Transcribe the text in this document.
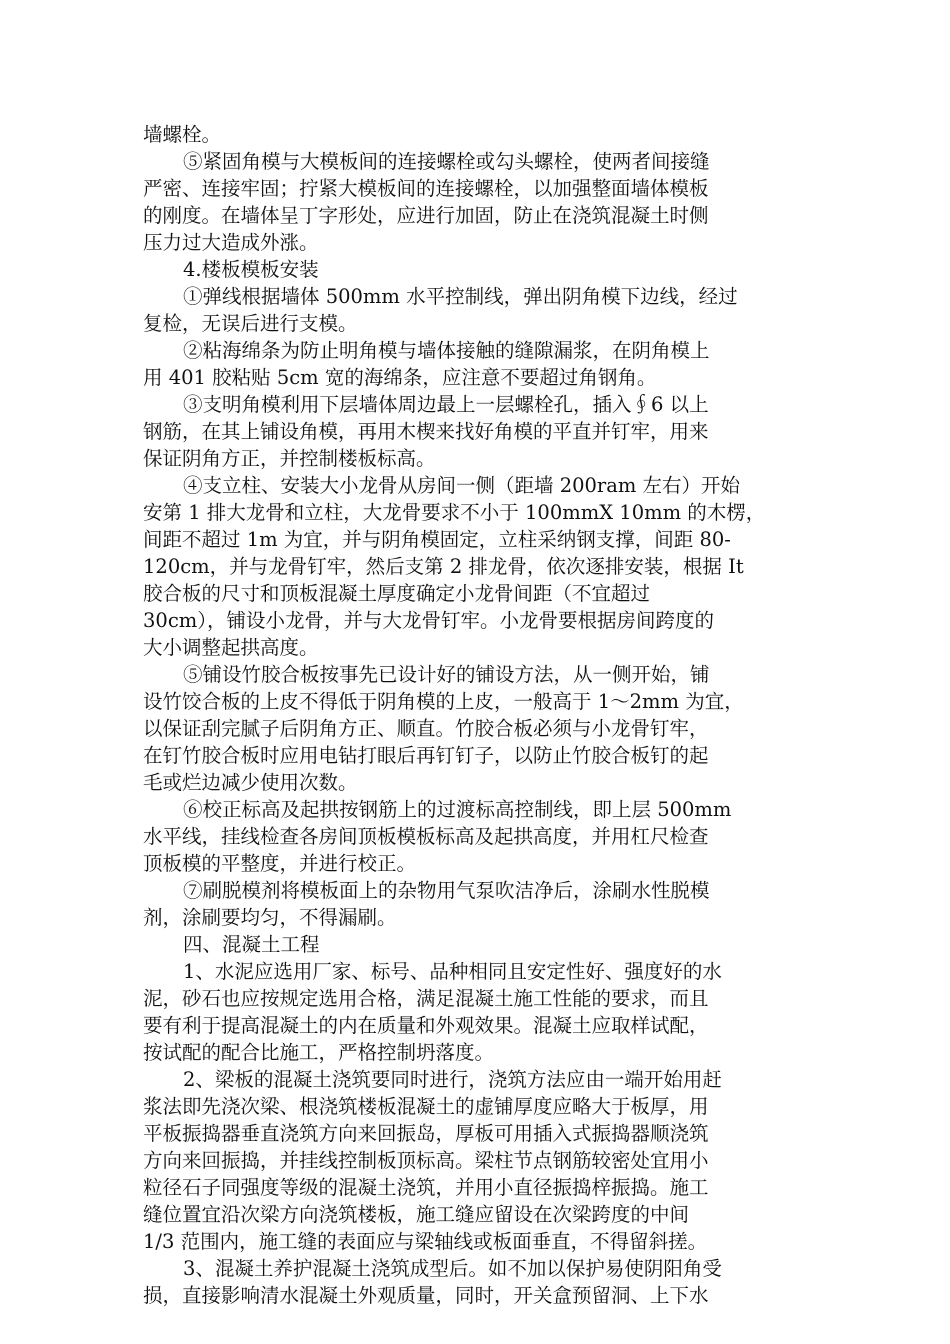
墙螺栓。
⑤紧固角模与大模板间的连接螺栓或勾头螺栓，使两者间接缝
严密、连接牢固；拧紧大模板间的连接螺栓，以加强整面墙体模板
的刚度。在墙体呈丁字形处，应进行加固，防止在浇筑混凝土时侧
压力过大造成外涨。
4.楼板模板安装
①弹线根据墙体 500mm 水平控制线，弹出阴角模下边线，经过
复检，无误后进行支模。
②粘海绵条为防止明角模与墙体接触的缝隙漏浆，在阴角模上
用 401 胶粘贴 5cm 宽的海绵条，应注意不要超过角钢角。
③支明角模利用下层墙体周边最上一层螺栓孔，插入∮6 以上
钢筋，在其上铺设角模，再用木楔来找好角模的平直并钉牢，用来
保证阴角方正，并控制楼板标高。
④支立柱、安装大小龙骨从房间一侧（距墙 200ram 左右）开始
安第 1 排大龙骨和立柱，大龙骨要求不小于 100mmX 10mm 的木楞，
间距不超过 1m 为宜，并与阴角模固定，立柱采纳钢支撑，间距 80-
120cm，并与龙骨钉牢，然后支第 2 排龙骨，依次逐排安装，根据 It
胶合板的尺寸和顶板混凝土厚度确定小龙骨间距（不宜超过
30cm），铺设小龙骨，并与大龙骨钉牢。小龙骨要根据房间跨度的
大小调整起拱高度。
⑤铺设竹胶合板按事先已设计好的铺设方法，从一侧开始，铺
设竹饺合板的上皮不得低于阴角模的上皮，一般高于 1～2mm 为宜，
以保证刮完腻子后阴角方正、顺直。竹胶合板必须与小龙骨钉牢，
在钉竹胶合板时应用电钻打眼后再钉钉子，以防止竹胶合板钉的起
毛或烂边减少使用次数。
⑥校正标高及起拱按钢筋上的过渡标高控制线，即上层 500mm
水平线，挂线检查各房间顶板模板标高及起拱高度，并用杠尺检查
顶板模的平整度，并进行校正。
⑦刷脱模剂将模板面上的杂物用气泵吹洁净后，涂刷水性脱模
剂，涂刷要均匀，不得漏刷。
四、混凝土工程
1、水泥应选用厂家、标号、品种相同且安定性好、强度好的水
泥，砂石也应按规定选用合格，满足混凝土施工性能的要求，而且
要有利于提高混凝土的内在质量和外观效果。混凝土应取样试配，
按试配的配合比施工，严格控制坍落度。
2、梁板的混凝土浇筑要同时进行，浇筑方法应由一端开始用赶
浆法即先浇次梁、根浇筑楼板混凝土的虚铺厚度应略大于板厚，用
平板振捣器垂直浇筑方向来回振岛，厚板可用插入式振捣器顺浇筑
方向来回振捣，并挂线控制板顶标高。梁柱节点钢筋较密处宜用小
粒径石子同强度等级的混凝土浇筑，并用小直径振捣梓振捣。施工
缝位置宜沿次梁方向浇筑楼板，施工缝应留设在次梁跨度的中间
1/3 范围内，施工缝的表面应与梁轴线或板面垂直，不得留斜搓。
3、混凝土养护混凝土浇筑成型后。如不加以保护易使阴阳角受
损，直接影响清水混凝土外观质量，同时，开关盒预留洞、上下水
